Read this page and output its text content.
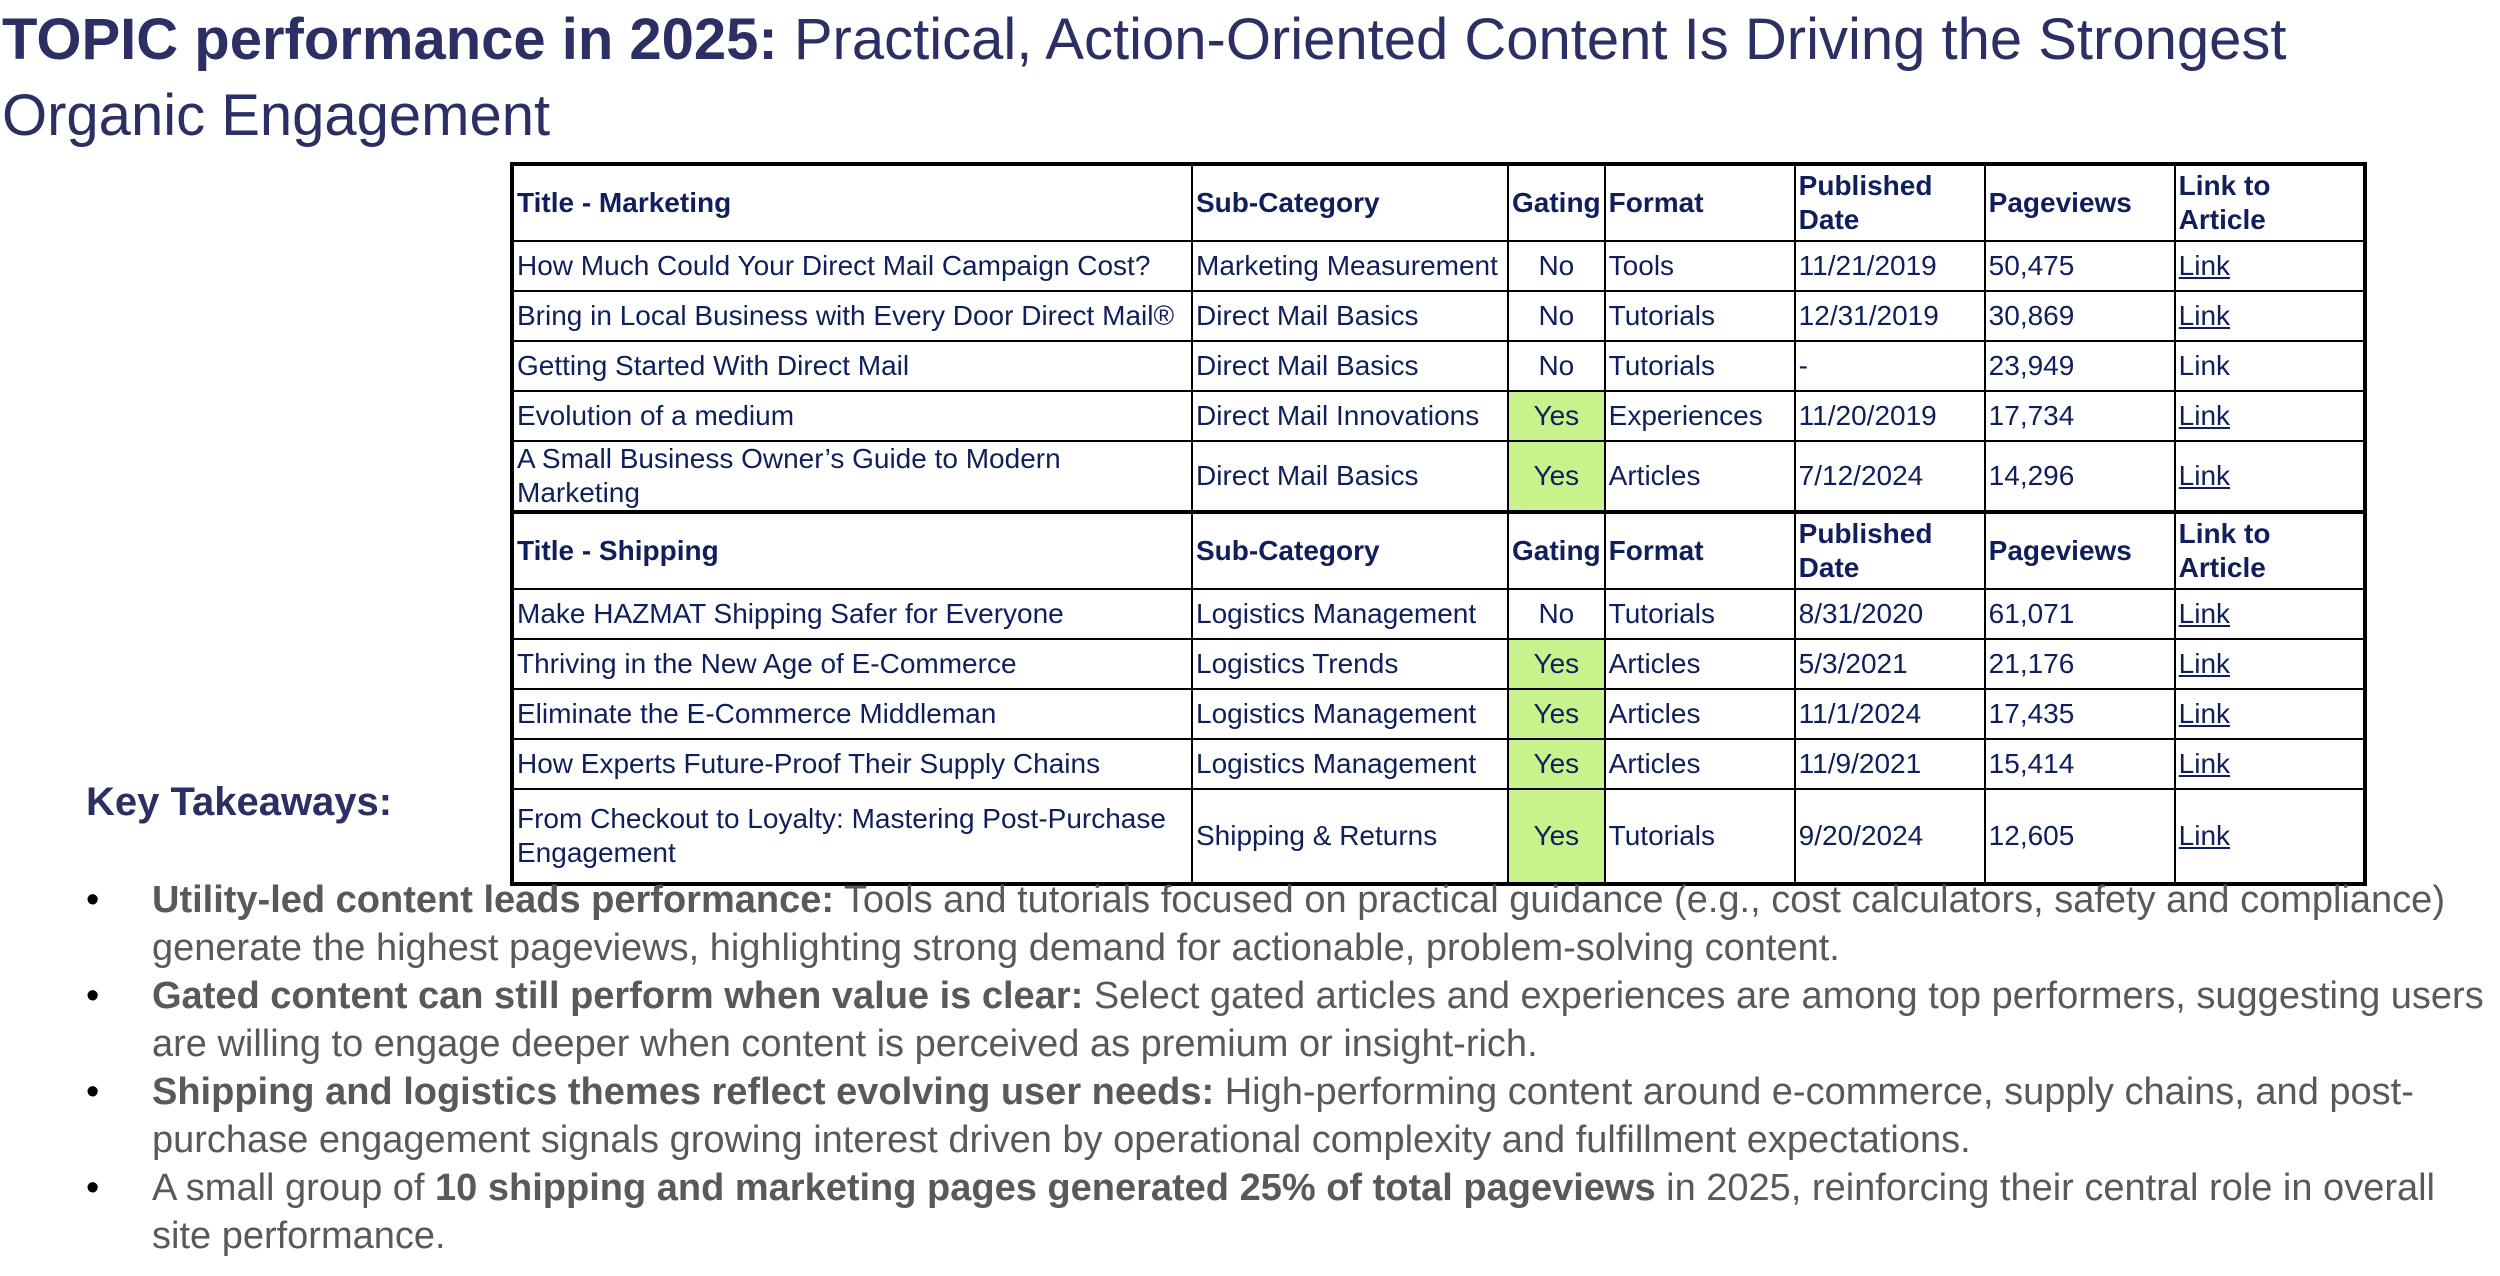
TOPIC performance in 2025: Practical, Action-Oriented Content Is Driving the Strongest Organic Engagement
Title - Marketing	Sub-Category	Gating	Format	Published Date	Pageviews	Link to Article
How Much Could Your Direct Mail Campaign Cost?	Marketing Measurement	No	Tools	11/21/2019	50,475	Link
Bring in Local Business with Every Door Direct Mail®	Direct Mail Basics	No	Tutorials	12/31/2019	30,869	Link
Getting Started With Direct Mail	Direct Mail Basics	No	Tutorials	-	23,949	Link
Evolution of a medium	Direct Mail Innovations	Yes	Experiences	11/20/2019	17,734	Link
A Small Business Owner’s Guide to Modern Marketing	Direct Mail Basics	Yes	Articles	7/12/2024	14,296	Link
Title - Shipping	Sub-Category	Gating	Format	Published Date	Pageviews	Link to Article
Make HAZMAT Shipping Safer for Everyone	Logistics Management	No	Tutorials	8/31/2020	61,071	Link
Thriving in the New Age of E-Commerce	Logistics Trends	Yes	Articles	5/3/2021	21,176	Link
Eliminate the E-Commerce Middleman	Logistics Management	Yes	Articles	11/1/2024	17,435	Link
How Experts Future-Proof Their Supply Chains	Logistics Management	Yes	Articles	11/9/2021	15,414	Link
From Checkout to Loyalty: Mastering Post-Purchase Engagement	Shipping & Returns	Yes	Tutorials	9/20/2024	12,605	Link
Key Takeaways:
• Utility-led content leads performance: Tools and tutorials focused on practical guidance (e.g., cost calculators, safety and compliance) generate the highest pageviews, highlighting strong demand for actionable, problem-solving content.
• Gated content can still perform when value is clear: Select gated articles and experiences are among top performers, suggesting users are willing to engage deeper when content is perceived as premium or insight-rich.
• Shipping and logistics themes reflect evolving user needs: High-performing content around e-commerce, supply chains, and post-purchase engagement signals growing interest driven by operational complexity and fulfillment expectations.
• A small group of 10 shipping and marketing pages generated 25% of total pageviews in 2025, reinforcing their central role in overall site performance.
